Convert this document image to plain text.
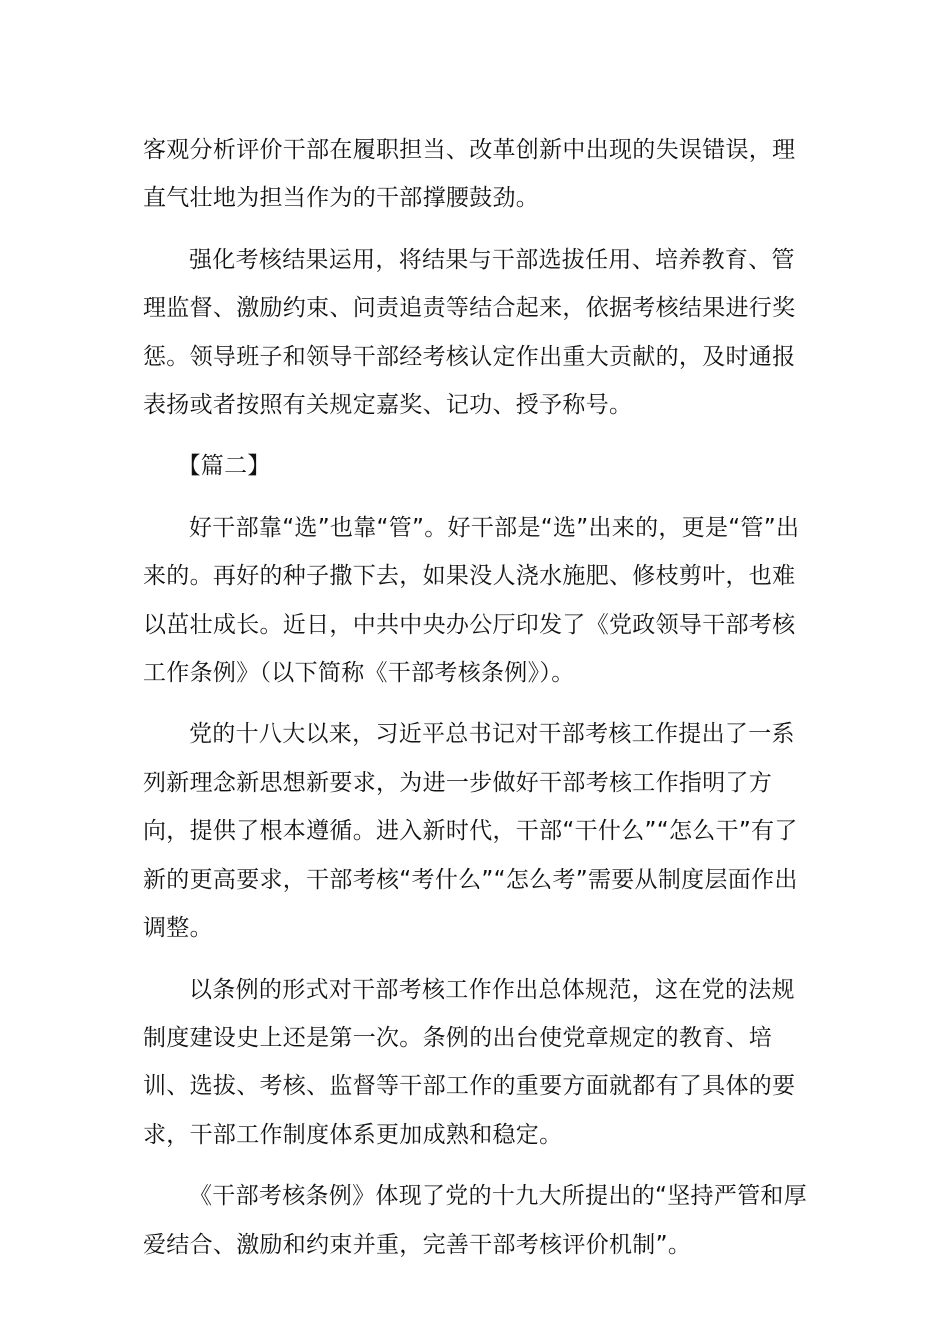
客观分析评价干部在履职担当、改革创新中出现的失误错误，理直气壮地为担当作为的干部撑腰鼓劲。

强化考核结果运用，将结果与干部选拔任用、培养教育、管理监督、激励约束、问责追责等结合起来，依据考核结果进行奖惩。领导班子和领导干部经考核认定作出重大贡献的，及时通报表扬或者按照有关规定嘉奖、记功、授予称号。

【篇二】

好干部靠“选”也靠“管”。好干部是“选”出来的，更是“管”出来的。再好的种子撒下去，如果没人浇水施肥、修枝剪叶，也难以茁壮成长。近日，中共中央办公厅印发了《党政领导干部考核工作条例》（以下简称《干部考核条例》）。

党的十八大以来，习近平总书记对干部考核工作提出了一系列新理念新思想新要求，为进一步做好干部考核工作指明了方向，提供了根本遵循。进入新时代，干部“干什么”“怎么干”有了新的更高要求，干部考核“考什么”“怎么考”需要从制度层面作出调整。

以条例的形式对干部考核工作作出总体规范，这在党的法规制度建设史上还是第一次。条例的出台使党章规定的教育、培训、选拔、考核、监督等干部工作的重要方面就都有了具体的要求，干部工作制度体系更加成熟和稳定。

《干部考核条例》体现了党的十九大所提出的“坚持严管和厚爱结合、激励和约束并重，完善干部考核评价机制”。
